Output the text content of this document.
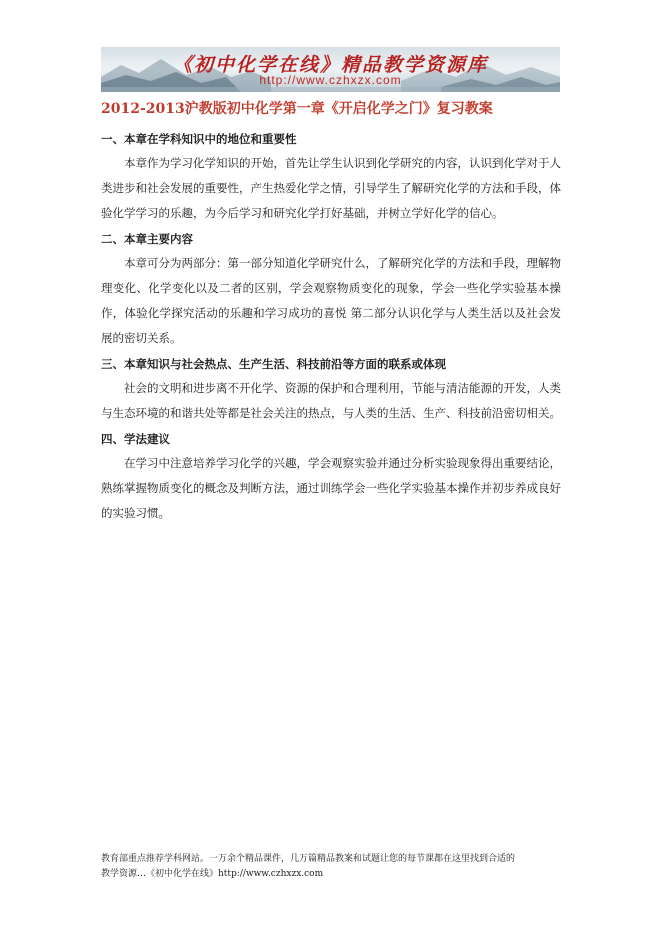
《初中化学在线》精品教学资源库
http://www.czhxzx.com
2012-2013沪教版初中化学第一章《开启化学之门》复习教案
一、本章在学科知识中的地位和重要性
本章作为学习化学知识的开始，首先让学生认识到化学研究的内容，认识到化学对于人类进步和社会发展的重要性，产生热爱化学之情，引导学生了解研究化学的方法和手段，体验化学学习的乐趣，为今后学习和研究化学打好基础，并树立学好化学的信心。
二、本章主要内容
本章可分为两部分：第一部分知道化学研究什么，了解研究化学的方法和手段，理解物理变化、化学变化以及二者的区别，学会观察物质变化的现象，学会一些化学实验基本操作，体验化学探究活动的乐趣和学习成功的喜悦 第二部分认识化学与人类生活以及社会发展的密切关系。
三、本章知识与社会热点、生产生活、科技前沿等方面的联系或体现
社会的文明和进步离不开化学、资源的保护和合理利用，节能与清洁能源的开发，人类与生态环境的和谐共处等都是社会关注的热点，与人类的生活、生产、科技前沿密切相关。
四、学法建议
在学习中注意培养学习化学的兴趣，学会观察实验并通过分析实验现象得出重要结论，熟练掌握物质变化的概念及判断方法，通过训练学会一些化学实验基本操作并初步养成良好的实验习惯。
教育部重点推荐学科网站。一万余个精品课件，几万篇精品教案和试题让您的每节课都在这里找到合适的
教学资源…《初中化学在线》http://www.czhxzx.com
